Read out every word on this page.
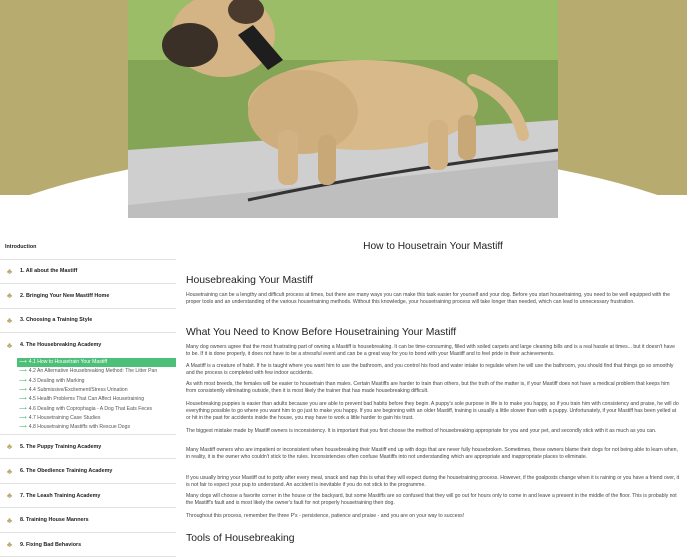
Introduction
♣	1. All about the Mastiff
♣	2. Bringing Your New Mastiff Home
♣	3. Choosing a Training Style
♣	4. The Housebreaking Academy
⟶ 4.1 How to Housetrain Your Mastiff
⟶ 4.2 An Alternative Housebreaking Method: The Litter Pan
⟶ 4.3 Dealing with Marking
⟶ 4.4 Submissive/Excitement/Stress Urination
⟶ 4.5 Health Problems That Can Affect Housetraining
⟶ 4.6 Dealing with Coprophagia - A Dog That Eats Feces
⟶ 4.7 Housetraining Case Studies
⟶ 4.8 Housetraining Mastiffs with Rescue Dogs
♣	5. The Puppy Training Academy
♣	6. The Obedience Training Academy
♣	7. The Leash Training Academy
♣	8. Training House Manners
♣	9. Fixing Bad Behaviors
How to Housetrain Your Mastiff
Housebreaking Your Mastiff

Housetraining can be a lengthy and difficult process at times, but there are many ways you can make this task easier for yourself and your dog. Before you start housetraining, you need to be well equipped with the proper tools and an understanding of the various housetraining methods. Without this knowledge, your housetraining process will take longer than needed, which can lead to unnecessary frustration.

What You Need to Know Before Housetraining Your Mastiff

Many dog owners agree that the most frustrating part of owning a Mastiff is housebreaking. It can be time-consuming, filled with soiled carpets and large cleaning bills and is a real hassle at times... but it doesn't have to be. If it is done properly, it does not have to be a stressful event and can be a great way for you to bond with your Mastiff and to feel pride in their achievements.

A Mastiff is a creature of habit. If he is taught where you want him to use the bathroom, and you control his food and water intake to regulate when he will use the bathroom, you should find that things go so smoothly and the process is completed with few indoor accidents.

As with most breeds, the females will be easier to housetrain than males. Certain Mastiffs are harder to train than others, but the truth of the matter is, if your Mastiff does not have a medical problem that keeps him from consistently eliminating outside, then it is most likely the trainer that has made housebreaking difficult.

Housebreaking puppies is easier than adults because you are able to prevent bad habits before they begin. A puppy's sole purpose in life is to make you happy, so if you train him with consistency and praise, he will do everything possible to go where you want him to go just to make you happy. If you are beginning with an older Mastiff, training is usually a little slower than with a puppy. Unfortunately, if your Mastiff has been yelled at or hit in the past for accidents inside the house, you may have to work a little harder to gain his trust.

The biggest mistake made by Mastiff owners is inconsistency. It is important that you first choose the method of housebreaking appropriate for you and your pet, and secondly stick with it as much as you can.

Many Mastiff owners who are impatient or inconsistent when housebreaking their Mastiff end up with dogs that are never fully housebroken. Sometimes, these owners blame their dogs for not being able to learn when, in reality, it is the owner who couldn't stick to the rules. Inconsistencies often confuse Mastiffs into not understanding which are appropriate and inappropriate places to eliminate.

If you usually bring your Mastiff out to potty after every meal, snack and nap this is what they will expect during the housetraining process. However, if the goalposts change when it is raining or you have a friend over, it is not fair to expect your pup to understand. An accident is inevitable if you do not stick to the programme.

Many dogs will choose a favorite corner in the house or the backyard, but some Mastiffs are so confused that they will go out for hours only to come in and leave a present in the middle of the floor. This is probably not the Mastiff's fault and is most likely the owner's fault for not properly housetraining their dog.

Throughout this process, remember the three P's - persistence, patience and praise - and you are on your way to success!

Tools of Housebreaking
